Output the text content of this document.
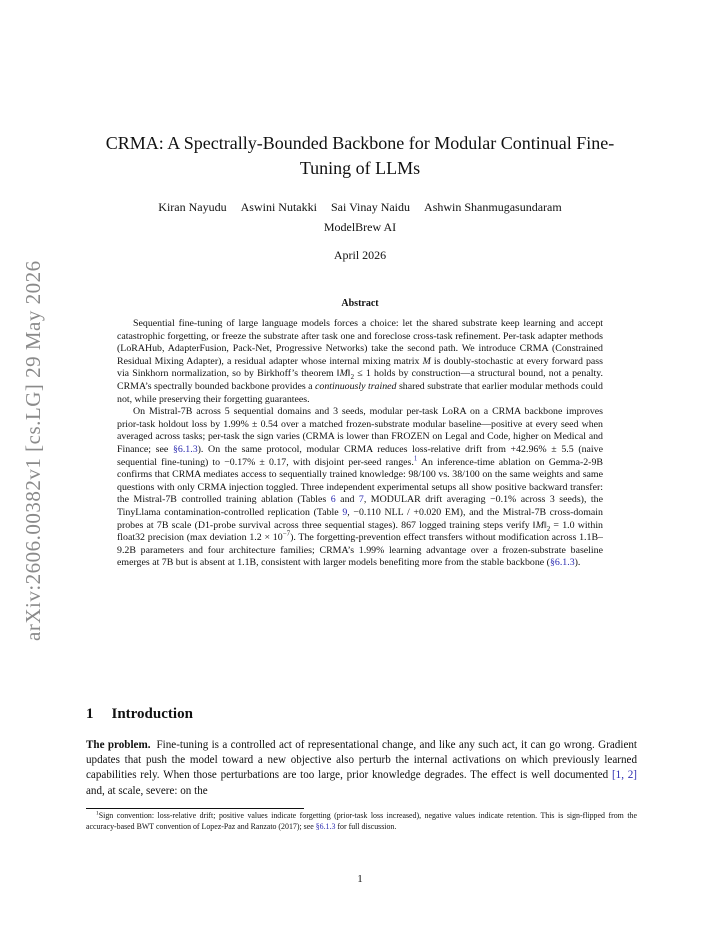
arXiv:2606.00382v1 [cs.LG] 29 May 2026
CRMA: A Spectrally-Bounded Backbone for Modular Continual Fine-Tuning of LLMs
Kiran Nayudu Aswini Nutakki Sai Vinay Naidu Ashwin Shanmugasundaram
ModelBrew AI
April 2026
Abstract

Sequential fine-tuning of large language models forces a choice: let the shared substrate keep learning and accept catastrophic forgetting, or freeze the substrate after task one and foreclose cross-task refinement. Per-task adapter methods (LoRAHub, AdapterFusion, Pack-Net, Progressive Networks) take the second path. We introduce CRMA (Constrained Residual Mixing Adapter), a residual adapter whose internal mixing matrix M is doubly-stochastic at every forward pass via Sinkhorn normalization, so by Birkhoff’s theorem $‖M‖_2 \le 1$ holds by construction—a structural bound, not a penalty. CRMA’s spectrally bounded backbone provides a continuously trained shared substrate that earlier modular methods could not, while preserving their forgetting guarantees.

On Mistral-7B across 5 sequential domains and 3 seeds, modular per-task LoRA on a CRMA backbone improves prior-task holdout loss by 1.99% ± 0.54 over a matched frozen-substrate modular baseline—positive at every seed when averaged across tasks; per-task the sign varies (CRMA is lower than FROZEN on Legal and Code, higher on Medical and Finance; see §6.1.3). On the same protocol, modular CRMA reduces loss-relative drift from +42.96% ± 5.5 (naive sequential fine-tuning) to −0.17% ± 0.17, with disjoint per-seed ranges.$^1$ An inference-time ablation on Gemma-2-9B confirms that CRMA mediates access to sequentially trained knowledge: 98/100 vs. 38/100 on the same weights and same questions with only CRMA injection toggled. Three independent experimental setups all show positive backward transfer: the Mistral-7B controlled training ablation (Tables 6 and 7, MODULAR drift averaging −0.1% across 3 seeds), the TinyLlama contamination-controlled replication (Table 9, −0.110 NLL / +0.020 EM), and the Mistral-7B cross-domain probes at 7B scale (D1-probe survival across three sequential stages). 867 logged training steps verify $‖M‖_2 = 1.0$ within float32 precision (max deviation $1.2 \times 10^{-7}$). The forgetting-prevention effect transfers without modification across 1.1B–9.2B parameters and four architecture families; CRMA’s 1.99% learning advantage over a frozen-substrate baseline emerges at 7B but is absent at 1.1B, consistent with larger models benefiting more from the stable backbone (§6.1.3).

1 Introduction

The problem. Fine-tuning is a controlled act of representational change, and like any such act, it can go wrong. Gradient updates that push the model toward a new objective also perturb the internal activations on which previously learned capabilities rely. When those perturbations are too large, prior knowledge degrades. The effect is well documented [1, 2] and, at scale, severe: on the

$^1$Sign convention: loss-relative drift; positive values indicate forgetting (prior-task loss increased), negative values indicate retention. This is sign-flipped from the accuracy-based BWT convention of Lopez-Paz and Ranzato (2017); see §6.1.3 for full discussion.

1
